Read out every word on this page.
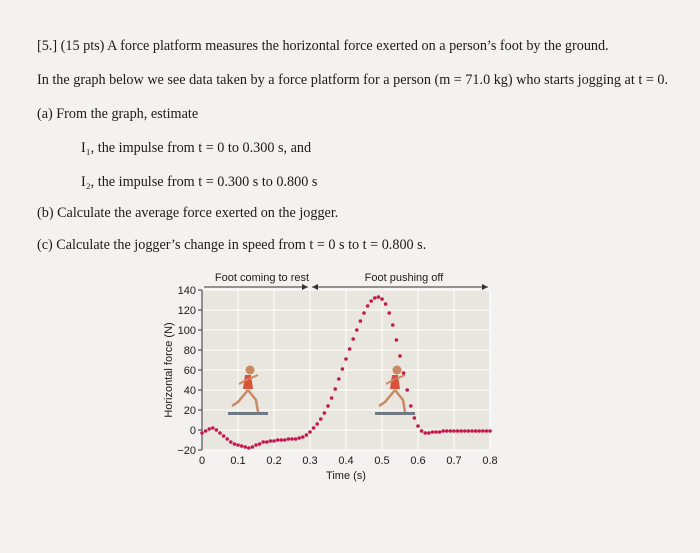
[5.] (15 pts) A force platform measures the horizontal force exerted on a person’s foot by the ground.
In the graph below we see data taken by a force platform for a person (m = 71.0 kg) who starts jogging at t = 0.
(a) From the graph, estimate
I₁, the impulse from t = 0 to 0.300 s, and
I₂, the impulse from t = 0.300 s to 0.800 s
(b) Calculate the average force exerted on the jogger.
(c) Calculate the jogger’s change in speed from t = 0 s to t = 0.800 s.
−20
0
20
40
60
80
100
120
140
0 0.1 0.2 0.3 0.4 0.5 0.6 0.7 0.8
Horizontal force (N)
Time (s)
Foot coming to rest	Foot pushing off
